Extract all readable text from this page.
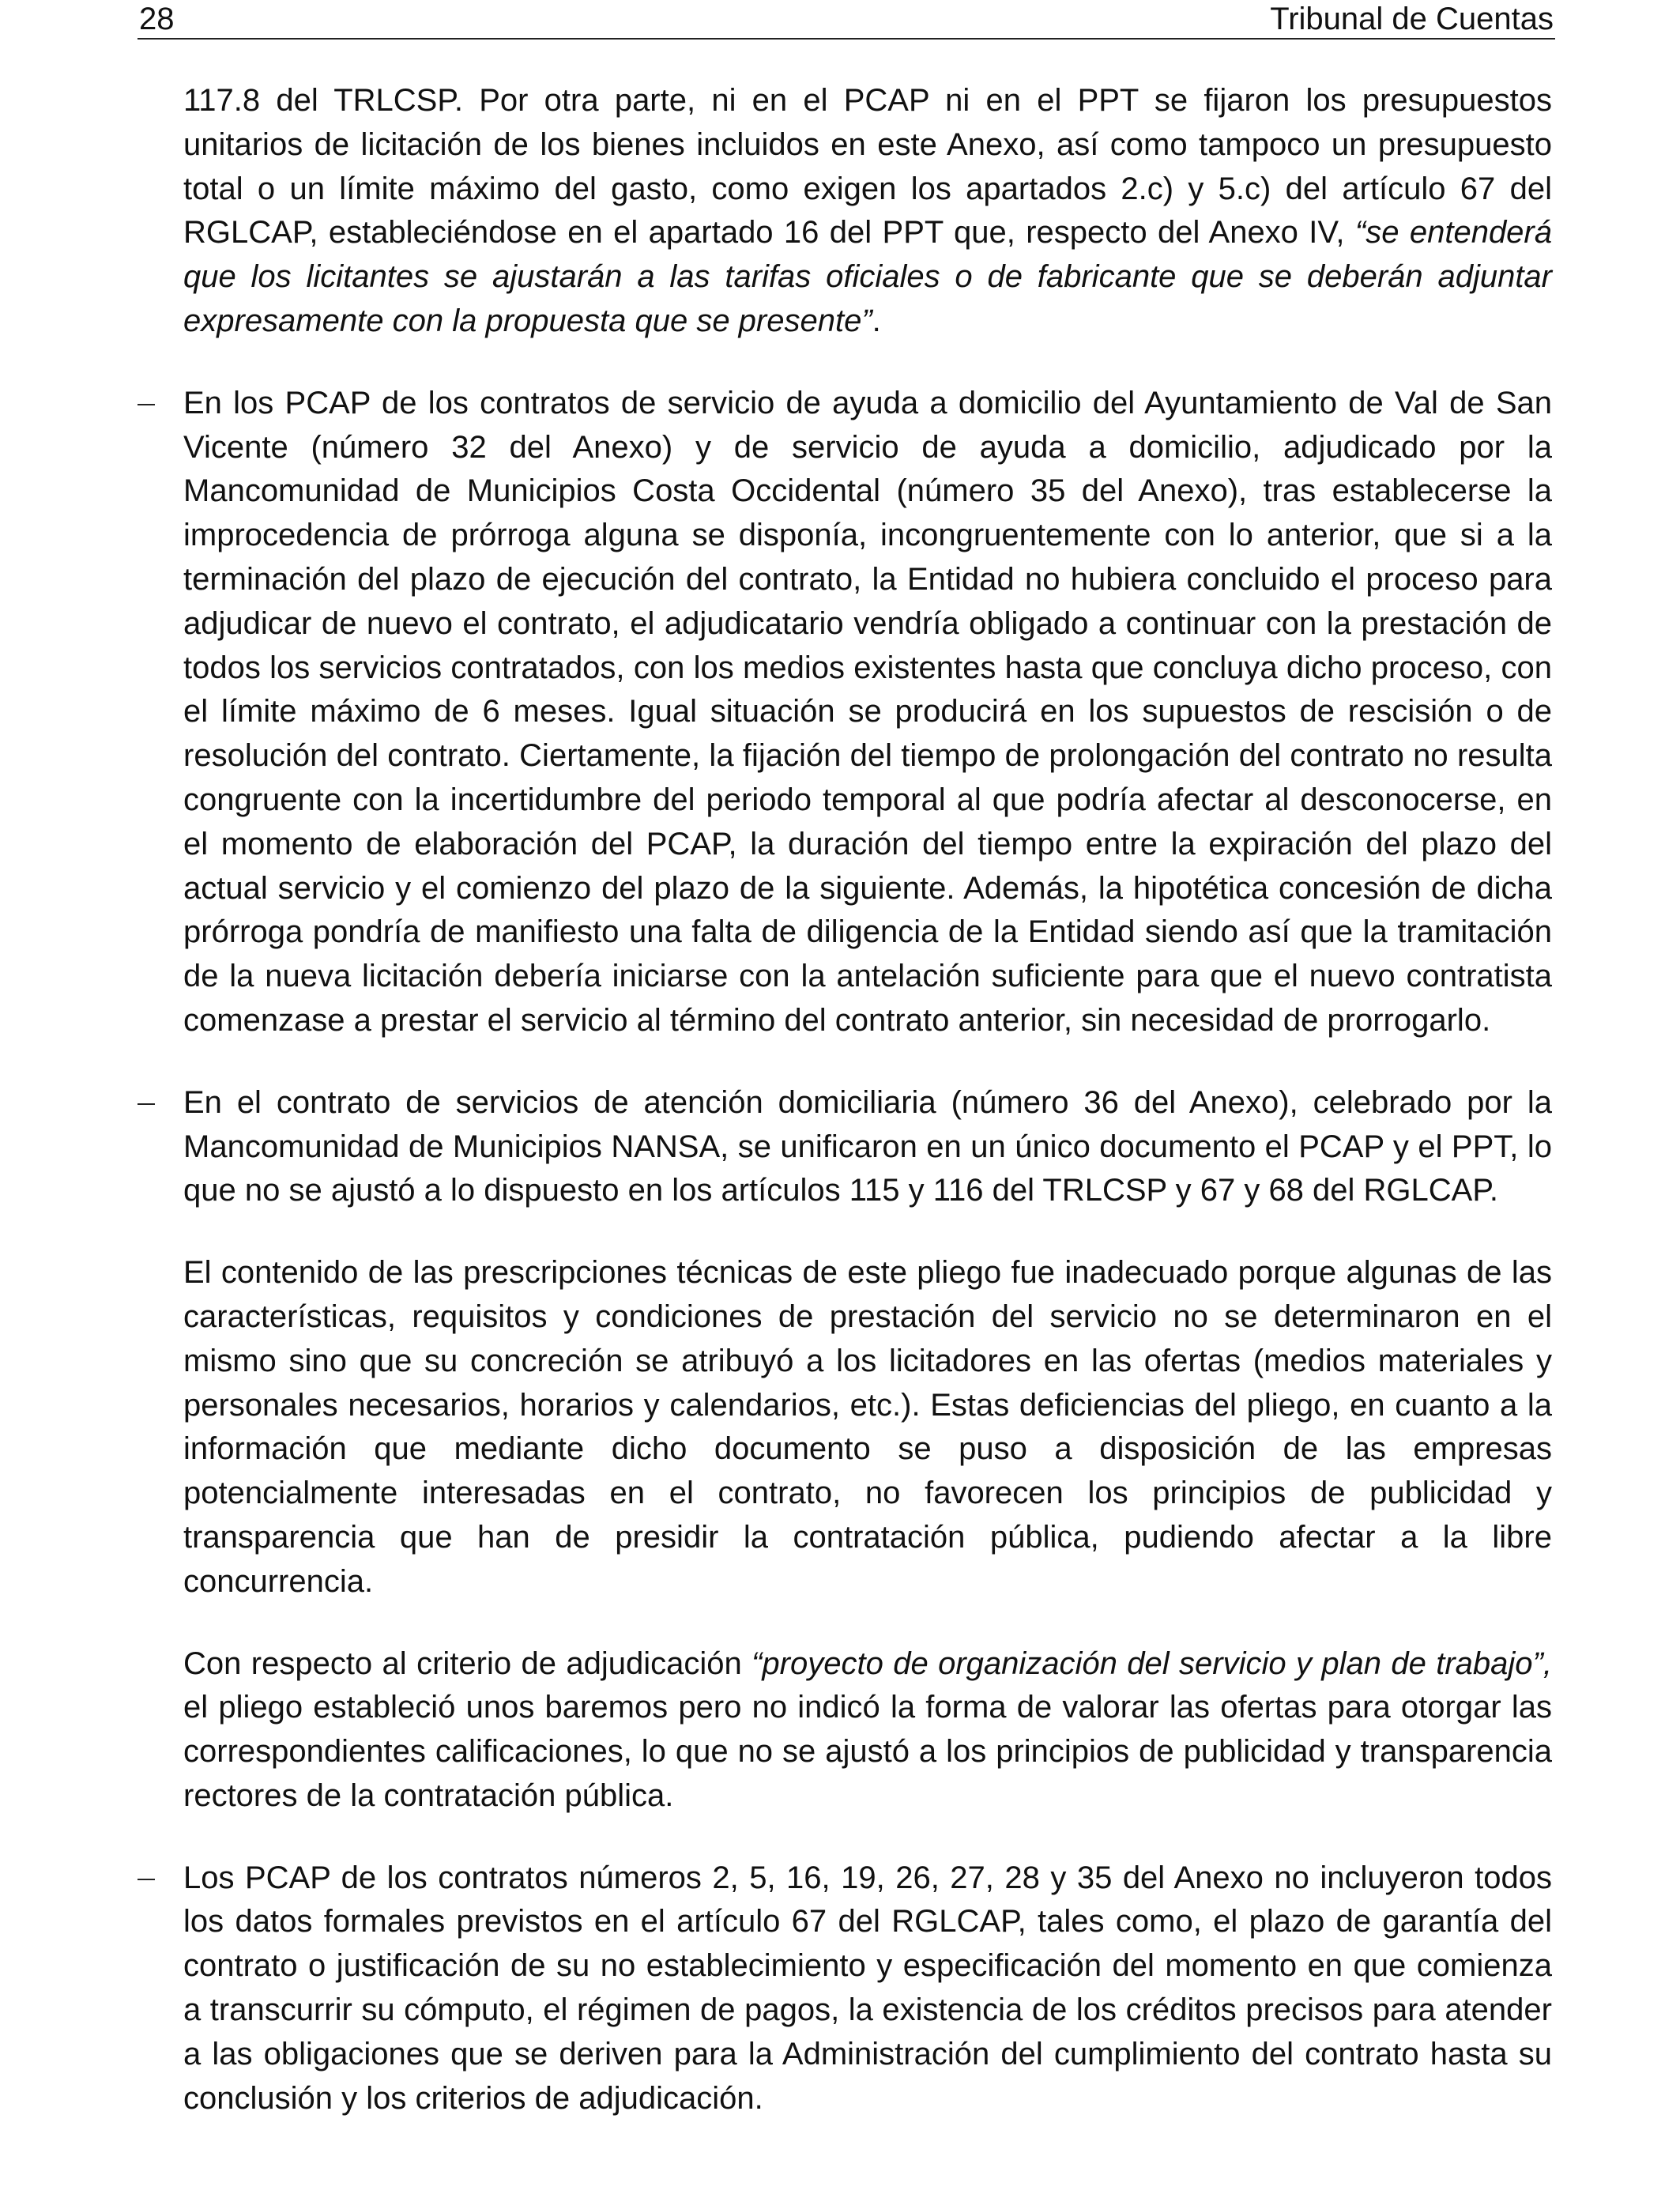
28	Tribunal de Cuentas

117.8 del TRLCSP. Por otra parte, ni en el PCAP ni en el PPT se fijaron los presupuestos unitarios de licitación de los bienes incluidos en este Anexo, así como tampoco un presupuesto total o un límite máximo del gasto, como exigen los apartados 2.c) y 5.c) del artículo 67 del RGLCAP, estableciéndose en el apartado 16 del PPT que, respecto del Anexo IV, “se entenderá que los licitantes se ajustarán a las tarifas oficiales o de fabricante que se deberán adjuntar expresamente con la propuesta que se presente”.

En los PCAP de los contratos de servicio de ayuda a domicilio del Ayuntamiento de Val de San Vicente (número 32 del Anexo) y de servicio de ayuda a domicilio, adjudicado por la Mancomunidad de Municipios Costa Occidental (número 35 del Anexo), tras establecerse la improcedencia de prórroga alguna se disponía, incongruentemente con lo anterior, que si a la terminación del plazo de ejecución del contrato, la Entidad no hubiera concluido el proceso para adjudicar de nuevo el contrato, el adjudicatario vendría obligado a continuar con la prestación de todos los servicios contratados, con los medios existentes hasta que concluya dicho proceso, con el límite máximo de 6 meses. Igual situación se producirá en los supuestos de rescisión o de resolución del contrato. Ciertamente, la fijación del tiempo de prolongación del contrato no resulta congruente con la incertidumbre del periodo temporal al que podría afectar al desconocerse, en el momento de elaboración del PCAP, la duración del tiempo entre la expiración del plazo del actual servicio y el comienzo del plazo de la siguiente. Además, la hipotética concesión de dicha prórroga pondría de manifiesto una falta de diligencia de la Entidad siendo así que la tramitación de la nueva licitación debería iniciarse con la antelación suficiente para que el nuevo contratista comenzase a prestar el servicio al término del contrato anterior, sin necesidad de prorrogarlo.

En el contrato de servicios de atención domiciliaria (número 36 del Anexo), celebrado por la Mancomunidad de Municipios NANSA, se unificaron en un único documento el PCAP y el PPT, lo que no se ajustó a lo dispuesto en los artículos 115 y 116 del TRLCSP y 67 y 68 del RGLCAP.

El contenido de las prescripciones técnicas de este pliego fue inadecuado porque algunas de las características, requisitos y condiciones de prestación del servicio no se determinaron en el mismo sino que su concreción se atribuyó a los licitadores en las ofertas (medios materiales y personales necesarios, horarios y calendarios, etc.). Estas deficiencias del pliego, en cuanto a la información que mediante dicho documento se puso a disposición de las empresas potencialmente interesadas en el contrato, no favorecen los principios de publicidad y transparencia que han de presidir la contratación pública, pudiendo afectar a la libre concurrencia.

Con respecto al criterio de adjudicación “proyecto de organización del servicio y plan de trabajo”, el pliego estableció unos baremos pero no indicó la forma de valorar las ofertas para otorgar las correspondientes calificaciones, lo que no se ajustó a los principios de publicidad y transparencia rectores de la contratación pública.

Los PCAP de los contratos números 2, 5, 16, 19, 26, 27, 28 y 35 del Anexo no incluyeron todos los datos formales previstos en el artículo 67 del RGLCAP, tales como, el plazo de garantía del contrato o justificación de su no establecimiento y especificación del momento en que comienza a transcurrir su cómputo, el régimen de pagos, la existencia de los créditos precisos para atender a las obligaciones que se deriven para la Administración del cumplimiento del contrato hasta su conclusión y los criterios de adjudicación.
